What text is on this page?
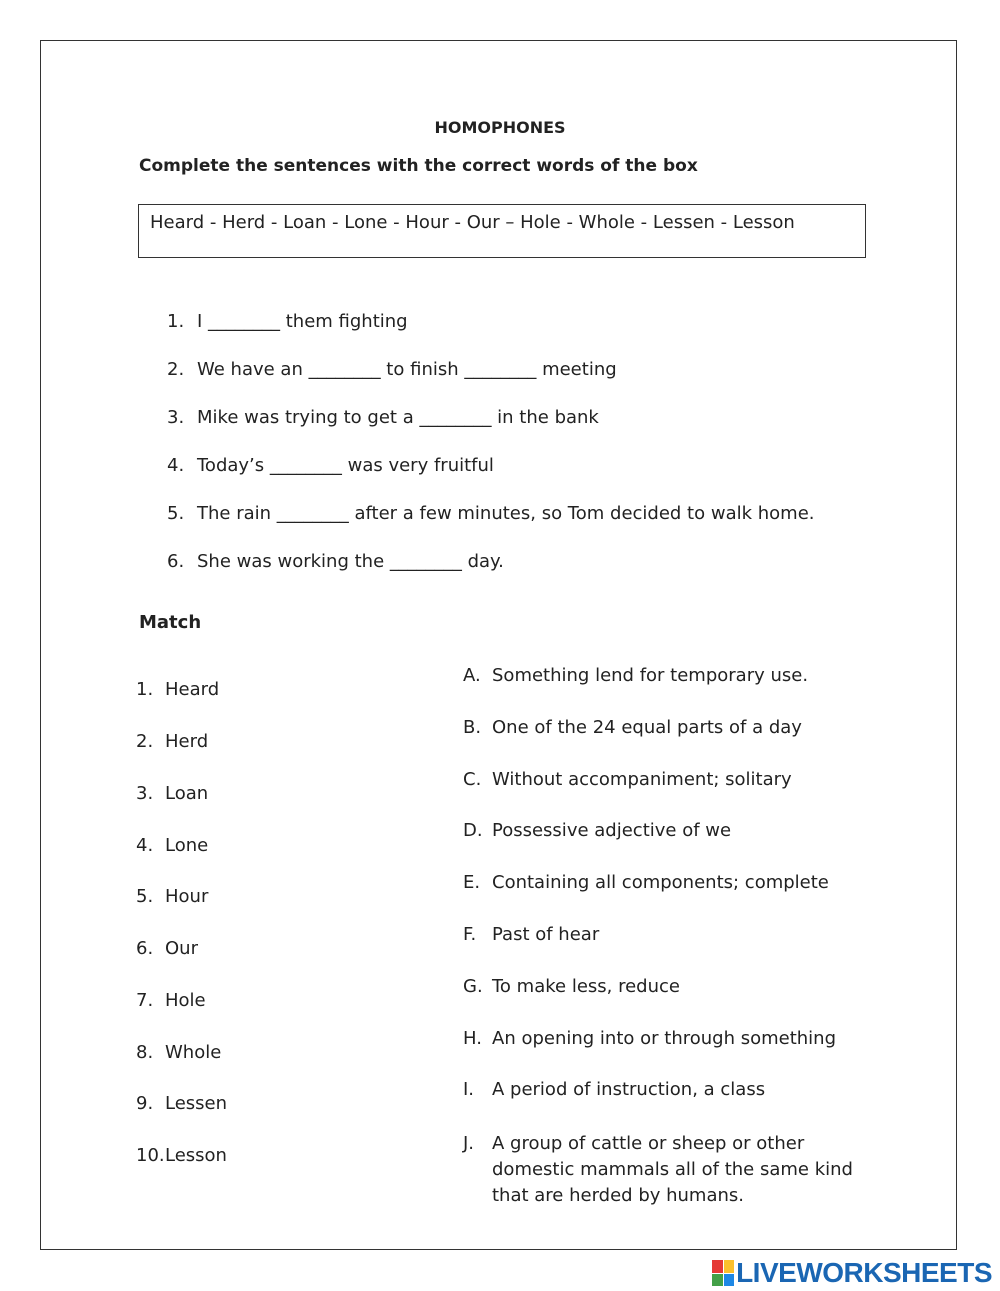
HOMOPHONES
Complete the sentences with the correct words of the box
Heard - Herd - Loan - Lone - Hour - Our – Hole - Whole - Lessen - Lesson
1. I ________ them fighting
2. We have an ________ to finish ________ meeting
3. Mike was trying to get a ________ in the bank
4. Today’s ________ was very fruitful
5. The rain ________ after a few minutes, so Tom decided to walk home.
6. She was working the ________ day.
Match
1. Heard
2. Herd
3. Loan
4. Lone
5. Hour
6. Our
7. Hole
8. Whole
9. Lessen
10.Lesson
A. Something lend for temporary use.
B. One of the 24 equal parts of a day
C. Without accompaniment; solitary
D. Possessive adjective of we
E. Containing all components; complete
F. Past of hear
G. To make less, reduce
H. An opening into or through something
I. A period of instruction, a class
J. A group of cattle or sheep or other domestic mammals all of the same kind that are herded by humans.
LIVEWORKSHEETS
